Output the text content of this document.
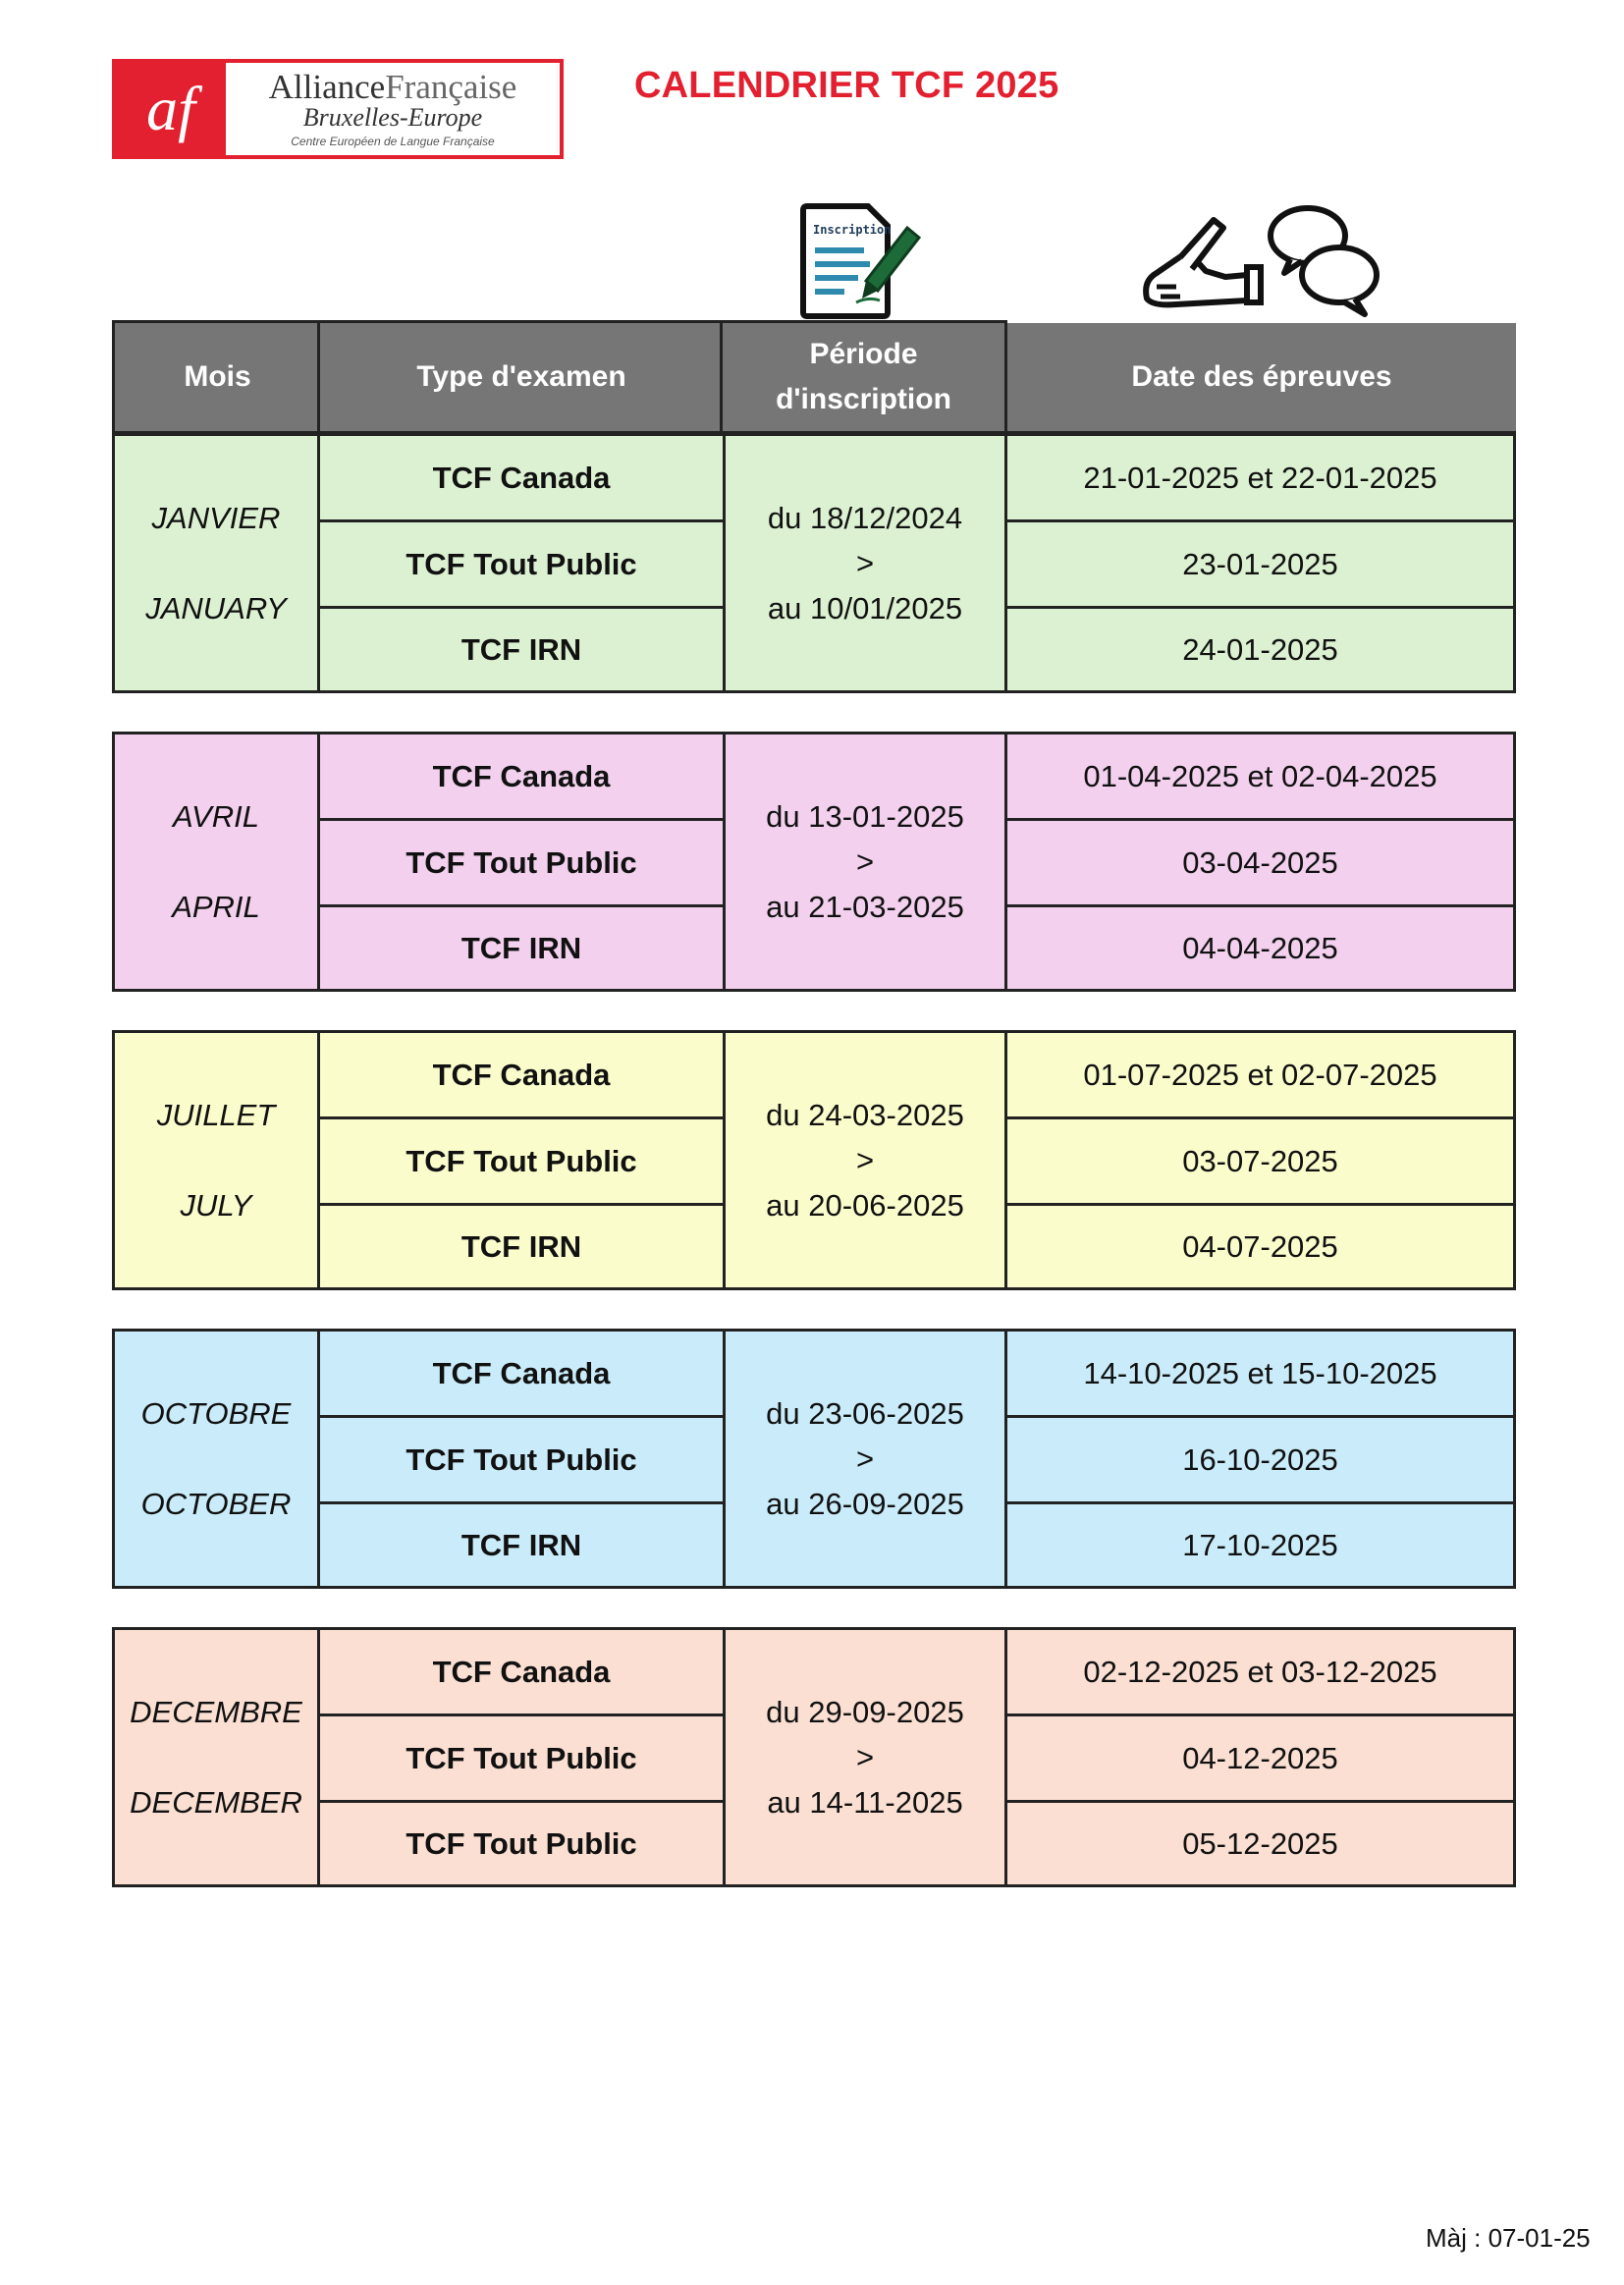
af AllianceFrançaise
Bruxelles-Europe
Centre Européen de Langue Française
CALENDRIER TCF 2025
Inscription
Mois	Type d'examen
Période
d'inscription
Date des épreuves
JANVIER
JANUARY
TCF Canada
TCF Tout Public
TCF IRN
du 18/12/2024
>
au 10/01/2025
21-01-2025 et 22-01-2025
23-01-2025
24-01-2025
AVRIL
APRIL
TCF Canada
TCF Tout Public
TCF IRN
du 13-01-2025
>
au 21-03-2025
01-04-2025 et 02-04-2025
03-04-2025
04-04-2025
JUILLET
JULY
TCF Canada
TCF Tout Public
TCF IRN
du 24-03-2025
>
au 20-06-2025
01-07-2025 et 02-07-2025
03-07-2025
04-07-2025
OCTOBRE
OCTOBER
TCF Canada
TCF Tout Public
TCF IRN
du 23-06-2025
>
au 26-09-2025
14-10-2025 et 15-10-2025
16-10-2025
17-10-2025
DECEMBRE
DECEMBER
TCF Canada
TCF Tout Public
TCF Tout Public
du 29-09-2025
>
au 14-11-2025
02-12-2025 et 03-12-2025
04-12-2025
05-12-2025
Màj : 07-01-25
